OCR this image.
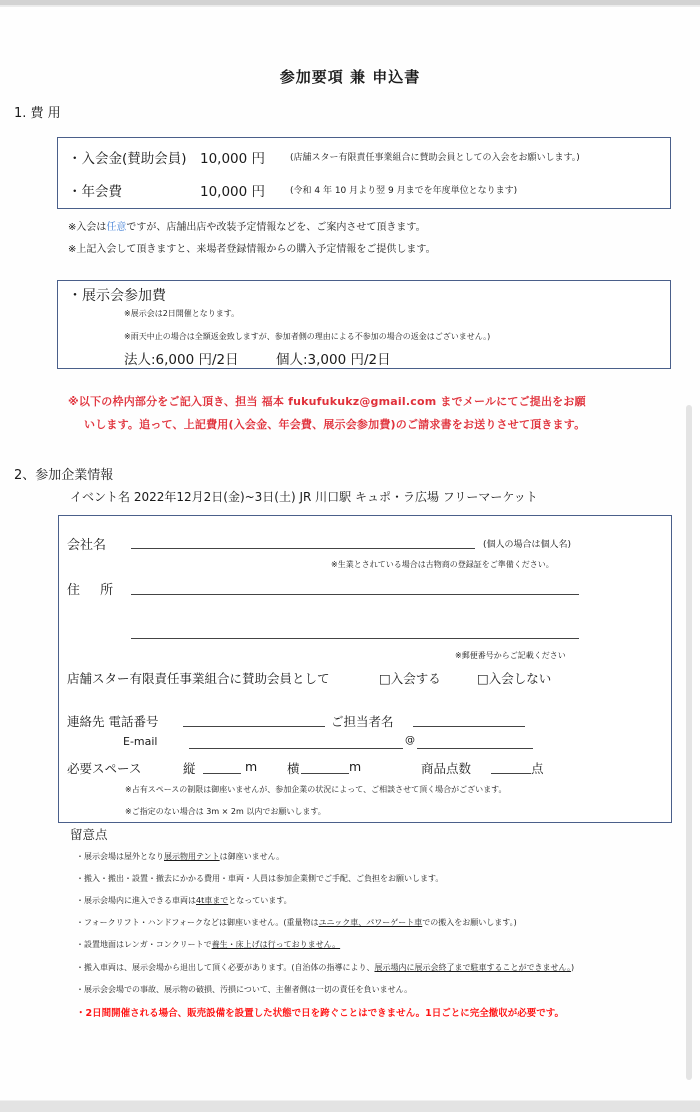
参加要項 兼 申込書
1. 費 用
・入会金(賛助会員) 10,000 円	(店舗スター有限責任事業組合に賛助会員としての入会をお願いします。)
・年会費	10,000 円	(令和 4 年 10 月より翌 9 月までを年度単位となります)
※入会は任意ですが、店舗出店や改装予定情報などを、ご案内させて頂きます。
※上記入会して頂きますと、来場者登録情報からの購入予定情報をご提供します。
・展示会参加費
※展示会は2日開催となります。
※雨天中止の場合は全額返金致しますが、参加者側の理由による不参加の場合の返金はございません。)
法人:6,000 円/2日	個人:3,000 円/2日
※以下の枠内部分をご記入頂き、担当 福本 fukufukukz@gmail.com までメールにてご提出をお願
いします。追って、上記費用(入会金、年会費、展示会参加費)のご請求書をお送りさせて頂きます。
2、参加企業情報
イベント名 2022年12月2日(金)~3日(土) JR 川口駅 キュポ・ラ広場 フリーマーケット
会社名	(個人の場合は個人名)
※生業とされている場合は古物商の登録証をご準備ください。
住 所
※郵便番号からご記載ください
店舗スター有限責任事業組合に賛助会員として	□入会する	□入会しない
連絡先 電話番号	ご担当者名
E-mail	@
必要スペース	縦	m 横	m	商品点数	点
※占有スペースの制限は御座いませんが、参加企業の状況によって、ご相談させて頂く場合がございます。
※ご指定のない場合は 3m × 2m 以内でお願いします。
留意点
・展示会場は屋外となり展示物用テントは御座いません。
・搬入・搬出・設置・撤去にかかる費用・車両・人員は参加企業側でご手配、ご負担をお願いします。
・展示会場内に進入できる車両は4t車までとなっています。
・フォークリフト・ハンドフォークなどは御座いません。(重量物はユニック車、パワーゲート車での搬入をお願いします。)
・設置地面はレンガ・コンクリートで養生・床上げは行っておりません。
・搬入車両は、展示会場から退出して頂く必要があります。(自治体の指導により、展示場内に展示会終了まで駐車することができません。)
・展示会会場での事故、展示物の破損、汚損について、主催者側は一切の責任を負いません。
・2日間開催される場合、販売設備を設置した状態で日を跨ぐことはできません。1日ごとに完全撤収が必要です。
